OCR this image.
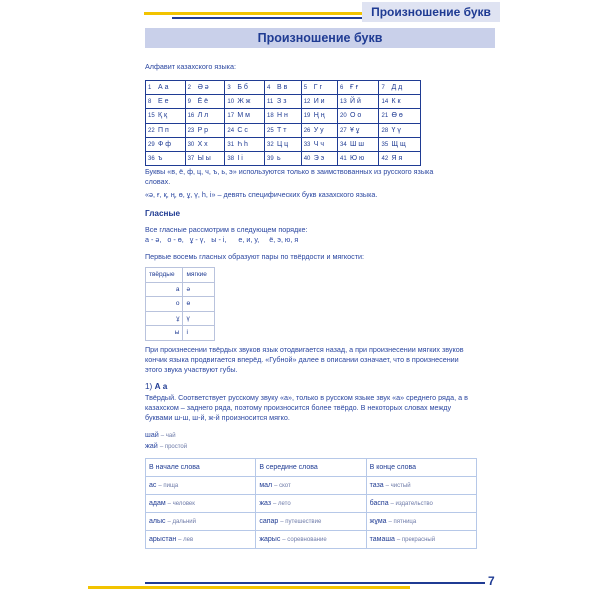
Произношение букв
Произношение букв
Алфавит казахского языка:
1 А а	2 Ә ә	3 Б б	4 В в	5 Г г	6 Ғ ғ	7 Д д
8 Е е	9 Ё ё	10 Ж ж	11 З з	12 И и	13 Й й	14 К к
15 Қ қ	16 Л л	17 М м	18 Н н	19 Ң ң	20 О о	21 Ө ө
22 П п	23 Р р	24 С с	25 Т т	26 У у	27 Ұ ұ	28 Ү ү
29 Ф ф	30 Х х	31 Һ һ	32 Ц ц	33 Ч ч	34 Ш ш	35 Щ щ
36 ъ	37 Ы ы	38 І і	39 ь	40 Э э	41 Ю ю	42 Я я
Буквы «в, ё, ф, ц, ч, ъ, ь, э» используются только в заимствованных из русского языка словах.
«ә, ғ, қ, ң, ө, ұ, ү, һ, і» – девять специфических букв казахского языка.
Гласные
Все гласные рассмотрим в следующем порядке:
а - ә,   о - ө,   ұ - ү,   ы - і,      е, и, у,     ё, э, ю, я
Первые восемь гласных образуют пары по твёрдости и мягкости:
твёрдые	мягкие
а	ә
о	ө
ұ	ү
ы	і
При произнесении твёрдых звуков язык отодвигается назад, а при произнесении мягких звуков кончик языка продвигается вперёд. «Губной» далее в описании означает, что в произнесении этого звука участвуют губы.
1) А а
Твёрдый. Соответствует русскому звуку «а», только в русском языке звук «а» среднего ряда, а в казахском – заднего ряда, поэтому произносится более твёрдо. В некоторых словах между буквами ш-ш, ш-й, ж-й произносится мягко.
шай – чай
жай – простой
В начале слова	В середине слова	В конце слова
ас – пища	мал – скот	таза – чистый
адам – человек	жаз – лето	баспа – издательство
алыс – дальний	сапар – путешествие	жұма – пятница
арыстан – лев	жарыс – соревнование	тамаша – прекрасный
7
